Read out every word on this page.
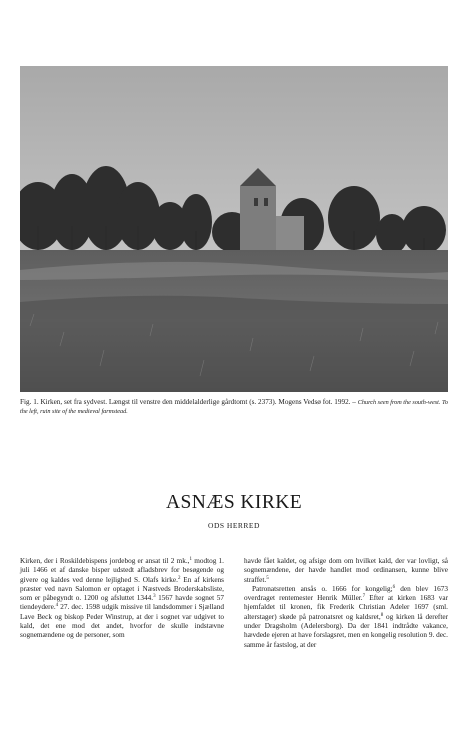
Fig. 1. Kirken, set fra sydvest. Længst til venstre den middelalderlige gårdtomt (s. 2373). Mogens Vedsø fot. 1992. – Church seen from the south-west. To the left, ruin site of the medieval farmstead.
ASNÆS KIRKE
ODS HERRED

Kirken, der i Roskildebispens jordebog er ansat til 2 mk.,$^1$ modtog 1. juli 1466 et af danske bisper udstedt afladsbrev for besøgende og givere og kaldes ved denne lejlighed S. Olafs kirke.$^2$ En af kirkens præster ved navn Salomon er optaget i Næstveds Broderskabsliste, som er påbegyndt o. 1200 og afsluttet 1344.$^3$ 1567 havde sognet 57 tiendeydere.$^4$ 27. dec. 1598 udgik missive til landsdommer i Sjælland Lave Beck og biskop Peder Winstrup, at der i sognet var udgivet to kald, det ene mod det andet, hvorfor de skulle indstævne sognemændene og de personer, som

havde fået kaldet, og afsige dom om hvilket kald, der var lovligt, så sognemændene, der havde handlet mod ordinansen, kunne blive straffet.$^5$

Patronatsretten ansås o. 1666 for kongelig;$^6$ den blev 1673 overdraget rentemester Henrik Müller.$^7$ Efter at kirken 1683 var hjemfaldet til kronen, fik Frederik Christian Adeler 1697 (sml. alterstager) skøde på patronatsret og kaldsret,$^8$ og kirken lå derefter under Dragsholm (Adelersborg). Da der 1841 indtrådte vakance, hævdede ejeren at have forslagsret, men en kongelig resolution 9. dec. samme år fastslog, at der
